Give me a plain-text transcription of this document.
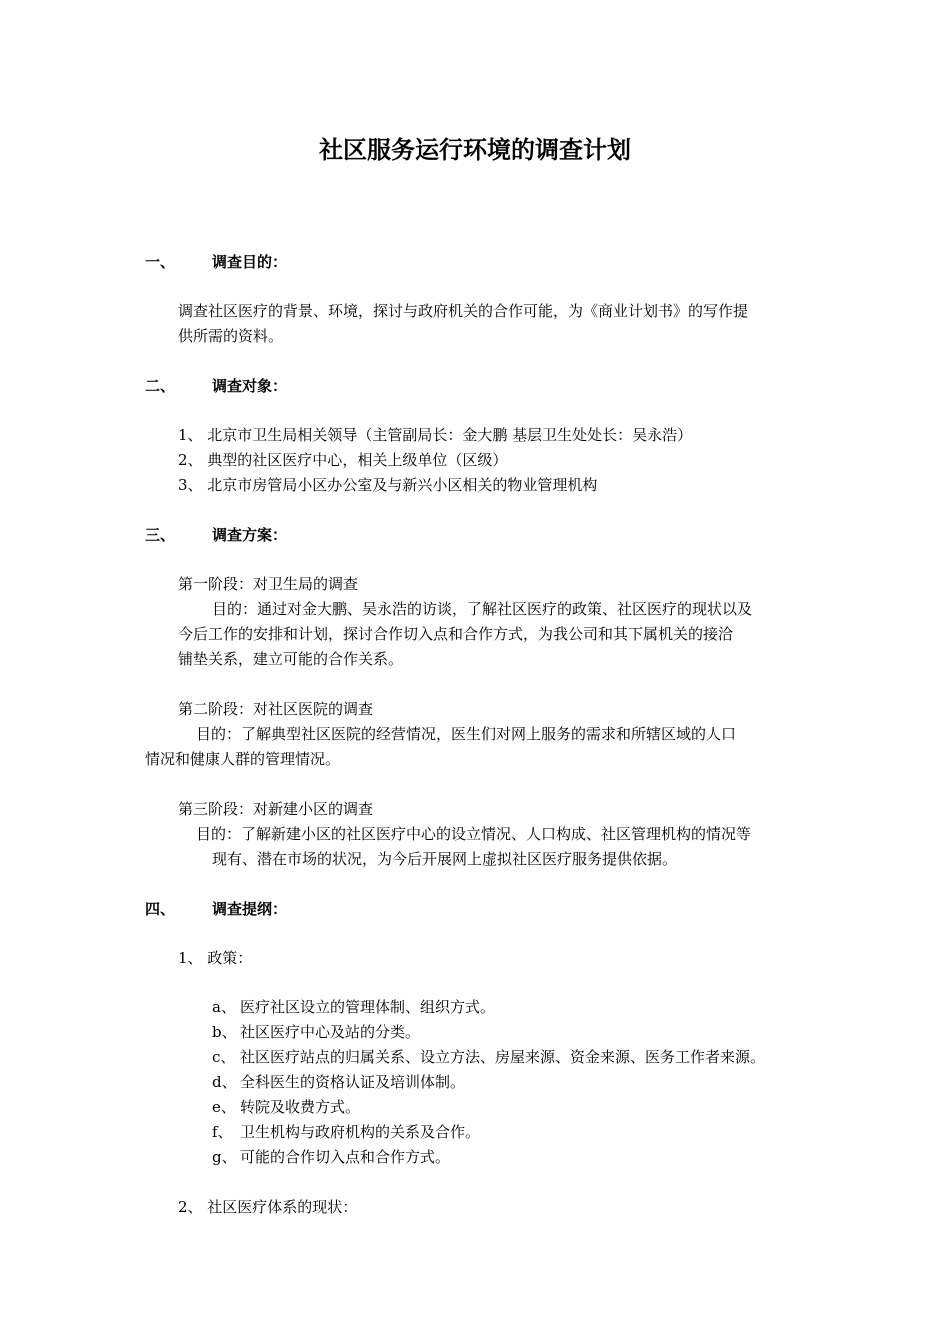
社区服务运行环境的调查计划
一、 调查目的：
调查社区医疗的背景、环境，探讨与政府机关的合作可能，为《商业计划书》的写作提
供所需的资料。
二、 调查对象：
1、 北京市卫生局相关领导（主管副局长：金大鹏 基层卫生处处长：吴永浩）
2、 典型的社区医疗中心，相关上级单位（区级）
3、 北京市房管局小区办公室及与新兴小区相关的物业管理机构
三、 调查方案：
第一阶段：对卫生局的调查
目的：通过对金大鹏、吴永浩的访谈，了解社区医疗的政策、社区医疗的现状以及
今后工作的安排和计划，探讨合作切入点和合作方式，为我公司和其下属机关的接洽
铺垫关系，建立可能的合作关系。
第二阶段：对社区医院的调查
目的：了解典型社区医院的经营情况，医生们对网上服务的需求和所辖区域的人口
情况和健康人群的管理情况。
第三阶段：对新建小区的调查
目的：了解新建小区的社区医疗中心的设立情况、人口构成、社区管理机构的情况等
现有、潜在市场的状况，为今后开展网上虚拟社区医疗服务提供依据。
四、 调查提纲：
1、 政策：
a、 医疗社区设立的管理体制、组织方式。
b、 社区医疗中心及站的分类。
c、 社区医疗站点的归属关系、设立方法、房屋来源、资金来源、医务工作者来源。
d、 全科医生的资格认证及培训体制。
e、 转院及收费方式。
f、 卫生机构与政府机构的关系及合作。
g、 可能的合作切入点和合作方式。
2、 社区医疗体系的现状：
